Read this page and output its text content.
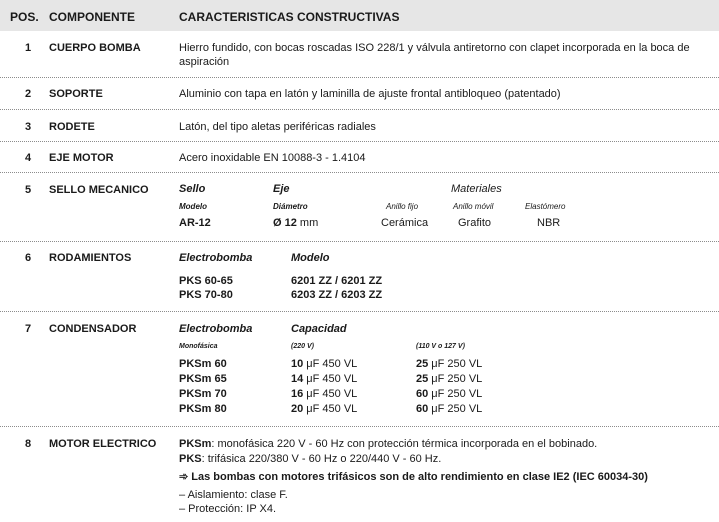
POS. COMPONENTE	CARACTERISTICAS CONSTRUCTIVAS
1	CUERPO BOMBA	Hierro fundido, con bocas roscadas ISO 228/1 y válvula antiretorno con clapet incorporada en la boca de
aspiración
2	SOPORTE	Aluminio con tapa en latón y laminilla de ajuste frontal antibloqueo (patentado)
3	RODETE	Latón, del tipo aletas periféricas radiales
4	EJE MOTOR	Acero inoxidable EN 10088-3 - 1.4104
5	SELLO MECANICO	Sello	Eje	Materiales
Modelo	Diámetro	Anillo fijo	Anillo móvil	Elastómero
AR-12	Ø 12 mm	Cerámica	Grafito	NBR
6	RODAMIENTOS	Electrobomba	Modelo
PKS 60-65	6201 ZZ / 6201 ZZ
PKS 70-80	6203 ZZ / 6203 ZZ
7	CONDENSADOR	Electrobomba	Capacidad
Monofásica	(220 V)	(110 V o 127 V)
PKSm 60	10 μF 450 VL	25 μF 250 VL
PKSm 65	14 μF 450 VL	25 μF 250 VL
PKSm 70	16 μF 450 VL	60 μF 250 VL
PKSm 80	20 μF 450 VL	60 μF 250 VL
8	MOTOR ELECTRICO PKSm: monofásica 220 V - 60 Hz con protección térmica incorporada en el bobinado.
PKS: trifásica 220/380 V - 60 Hz o 220/440 V - 60 Hz.
➾ Las bombas con motores trifásicos son de alto rendimiento en clase IE2 (IEC 60034-30)
– Aislamiento: clase F.
– Protección: IP X4.
